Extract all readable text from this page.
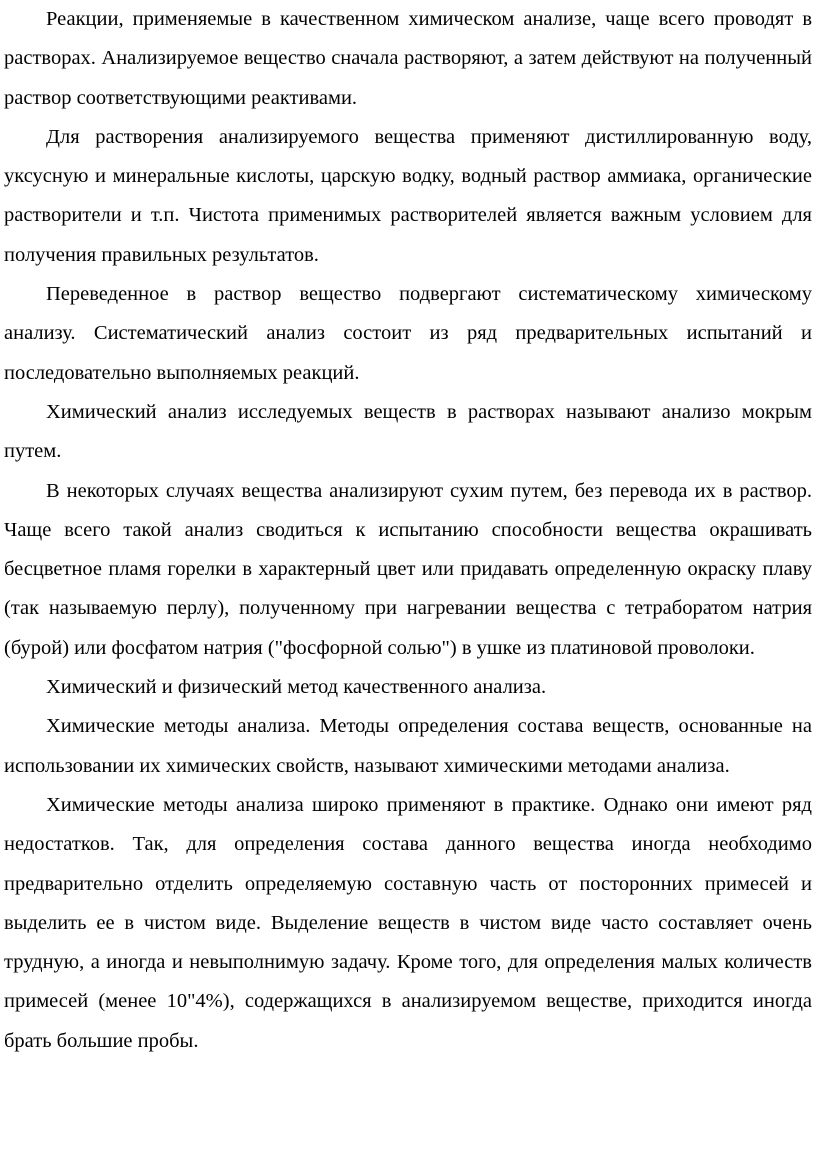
Реакции, применяемые в качественном химическом анализе, чаще всего проводят в растворах. Анализируемое вещество сначала растворяют, а затем действуют на полученный раствор соответствующими реактивами.

Для растворения анализируемого вещества применяют дистиллированную воду, уксусную и минеральные кислоты, царскую водку, водный раствор аммиака, органические растворители и т.п. Чистота применимых растворителей является важным условием для получения правильных результатов.

Переведенное в раствор вещество подвергают систематическому химическому анализу. Систематический анализ состоит из ряд предварительных испытаний и последовательно выполняемых реакций.

Химический анализ исследуемых веществ в растворах называют анализо мокрым путем.

В некоторых случаях вещества анализируют сухим путем, без перевода их в раствор. Чаще всего такой анализ сводиться к испытанию способности вещества окрашивать бесцветное пламя горелки в характерный цвет или придавать определенную окраску плаву (так называемую перлу), полученному при нагревании вещества с тетраборатом натрия (бурой) или фосфатом натрия ("фосфорной солью") в ушке из платиновой проволоки.

Химический и физический метод качественного анализа.

Химические методы анализа. Методы определения состава веществ, основанные на использовании их химических свойств, называют химическими методами анализа.

Химические методы анализа широко применяют в практике. Однако они имеют ряд недостатков. Так, для определения состава данного вещества иногда необходимо предварительно отделить определяемую составную часть от посторонних примесей и выделить ее в чистом виде. Выделение веществ в чистом виде часто составляет очень трудную, а иногда и невыполнимую задачу. Кроме того, для определения малых количеств примесей (менее 10"4%), содержащихся в анализируемом веществе, приходится иногда брать большие пробы.
